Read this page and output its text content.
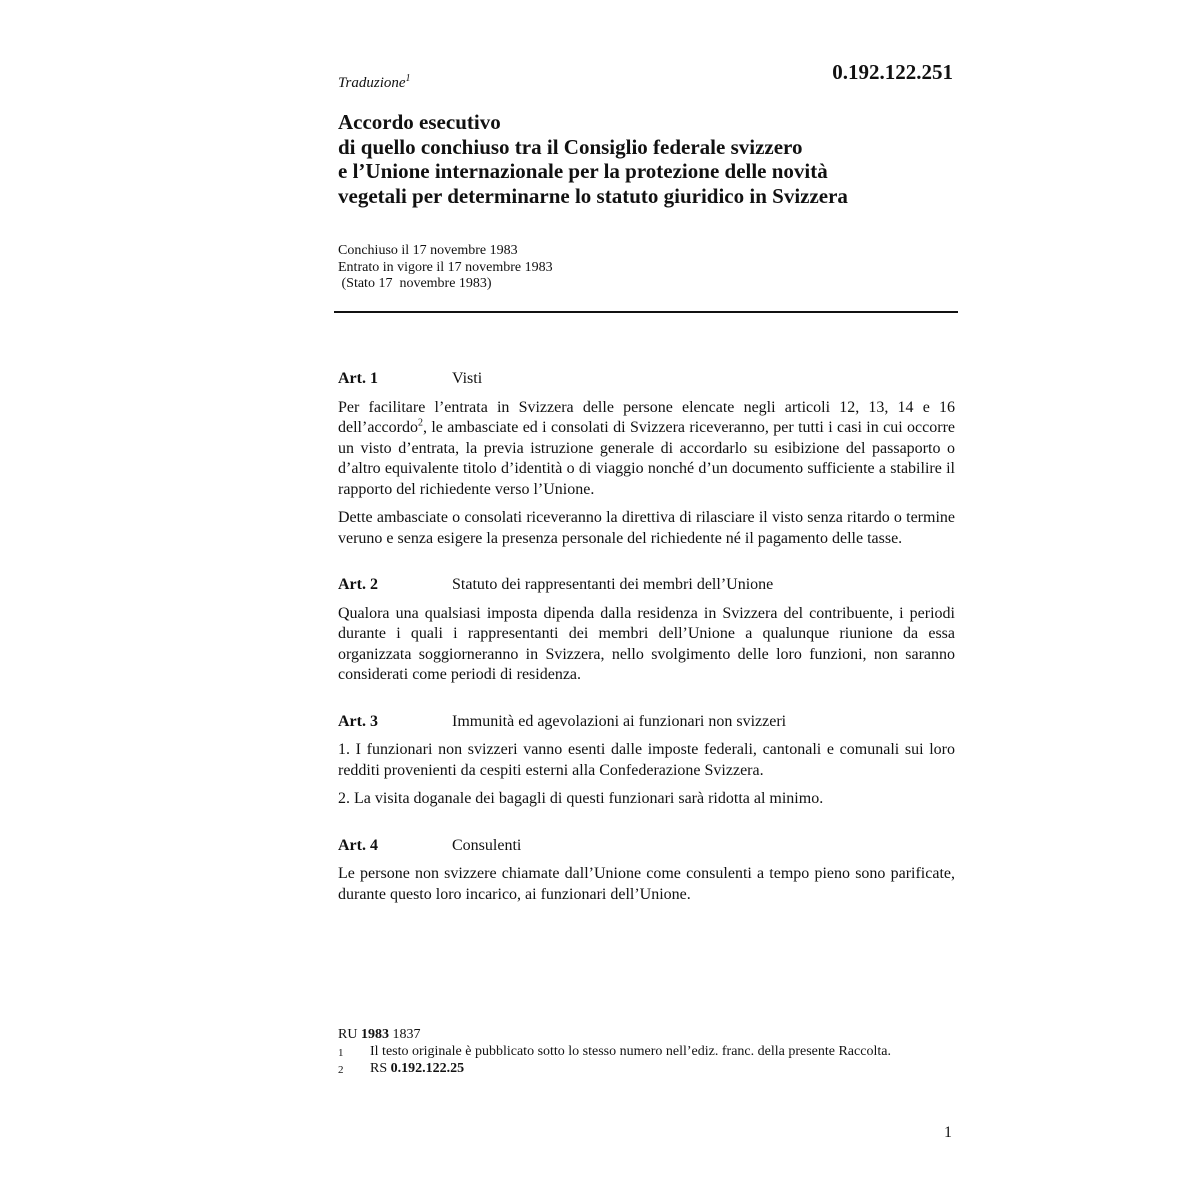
Traduzione$^1$	0.192.122.251
Accordo esecutivo
di quello conchiuso tra il Consiglio federale svizzero
e l’Unione internazionale per la protezione delle novità
vegetali per determinarne lo statuto giuridico in Svizzera
Conchiuso il 17 novembre 1983
Entrato in vigore il 17 novembre 1983
(Stato 17  novembre 1983)
Art. 1	Visti

Per facilitare l’entrata in Svizzera delle persone elencate negli articoli 12, 13, 14 e 16 dell’accordo$^2$, le ambasciate ed i consolati di Svizzera riceveranno, per tutti i casi in cui occorre un visto d’entrata, la previa istruzione generale di accordarlo su esibizione del passaporto o d’altro equivalente titolo d’identità o di viaggio nonché d’un documento sufficiente a stabilire il rapporto del richiedente verso l’Unione.

Dette ambasciate o consolati riceveranno la direttiva di rilasciare il visto senza ritardo o termine veruno e senza esigere la presenza personale del richiedente né il pagamento delle tasse.

Art. 2	Statuto dei rappresentanti dei membri dell’Unione

Qualora una qualsiasi imposta dipenda dalla residenza in Svizzera del contribuente, i periodi durante i quali i rappresentanti dei membri dell’Unione a qualunque riunione da essa organizzata soggiorneranno in Svizzera, nello svolgimento delle loro funzioni, non saranno considerati come periodi di residenza.

Art. 3	Immunità ed agevolazioni ai funzionari non svizzeri

1. I funzionari non svizzeri vanno esenti dalle imposte federali, cantonali e comunali sui loro redditi provenienti da cespiti esterni alla Confederazione Svizzera.

2. La visita doganale dei bagagli di questi funzionari sarà ridotta al minimo.

Art. 4	Consulenti

Le persone non svizzere chiamate dall’Unione come consulenti a tempo pieno sono parificate, durante questo loro incarico, ai funzionari dell’Unione.

RU 1983 1837
1	Il testo originale è pubblicato sotto lo stesso numero nell’ediz. franc. della presente Raccolta.
2	RS 0.192.122.25
1
